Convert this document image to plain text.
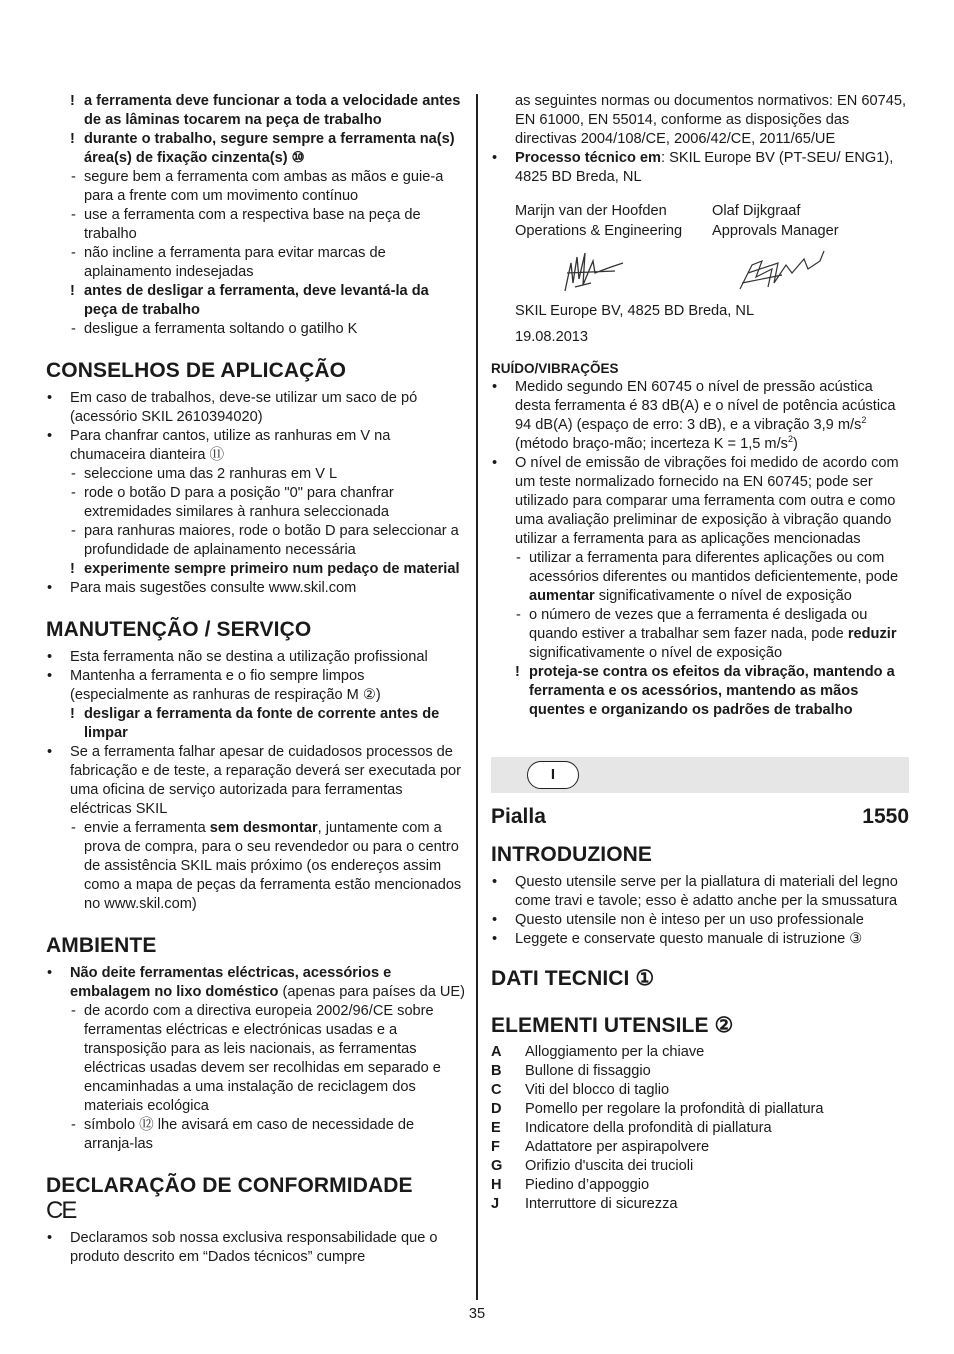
! a ferramenta deve funcionar a toda a velocidade antes de as lâminas tocarem na peça de trabalho
! durante o trabalho, segure sempre a ferramenta na(s) área(s) de fixação cinzenta(s) ⑩
- segure bem a ferramenta com ambas as mãos e guie-a para a frente com um movimento contínuo
- use a ferramenta com a respectiva base na peça de trabalho
- não incline a ferramenta para evitar marcas de aplainamento indesejadas
! antes de desligar a ferramenta, deve levantá-la da peça de trabalho
- desligue a ferramenta soltando o gatilho K
CONSELHOS DE APLICAÇÃO
• Em caso de trabalhos, deve-se utilizar um saco de pó (acessório SKIL 2610394020)
• Para chanfrar cantos, utilize as ranhuras em V na chumaceira dianteira ⑪
- seleccione uma das 2 ranhuras em V L
- rode o botão D para a posição "0" para chanfrar extremidades similares à ranhura seleccionada
- para ranhuras maiores, rode o botão D para seleccionar a profundidade de aplainamento necessária
! experimente sempre primeiro num pedaço de material
• Para mais sugestões consulte www.skil.com
MANUTENÇÃO / SERVIÇO
• Esta ferramenta não se destina a utilização profissional
• Mantenha a ferramenta e o fio sempre limpos (especialmente as ranhuras de respiração M ②)
! desligar a ferramenta da fonte de corrente antes de limpar
• Se a ferramenta falhar apesar de cuidadosos processos de fabricação e de teste, a reparação deverá ser executada por uma oficina de serviço autorizada para ferramentas eléctricas SKIL
- envie a ferramenta sem desmontar, juntamente com a prova de compra, para o seu revendedor ou para o centro de assistência SKIL mais próximo (os endereços assim como a mapa de peças da ferramenta estão mencionados no www.skil.com)
AMBIENTE
• Não deite ferramentas eléctricas, acessórios e embalagem no lixo doméstico (apenas para países da UE)
- de acordo com a directiva europeia 2002/96/CE sobre ferramentas eléctricas e electrónicas usadas e a transposição para as leis nacionais, as ferramentas eléctricas usadas devem ser recolhidas em separado e encaminhadas a uma instalação de reciclagem dos materiais ecológica
- símbolo ⑫ lhe avisará em caso de necessidade de arranja-las
DECLARAÇÃO DE CONFORMIDADE
CE
• Declaramos sob nossa exclusiva responsabilidade que o produto descrito em “Dados técnicos” cumpre
as seguintes normas ou documentos normativos: EN 60745, EN 61000, EN 55014, conforme as disposições das directivas 2004/108/CE, 2006/42/CE, 2011/65/UE
• Processo técnico em: SKIL Europe BV (PT-SEU/ ENG1), 4825 BD Breda, NL
Marijn van der Hoofden
Operations & Engineering
Olaf Dijkgraaf
Approvals Manager
SKIL Europe BV, 4825 BD Breda, NL
19.08.2013
RUÍDO/VIBRAÇÕES
• Medido segundo EN 60745 o nível de pressão acústica desta ferramenta é 83 dB(A) e o nível de potência acústica 94 dB(A) (espaço de erro: 3 dB), e a vibração 3,9 $m/s^2$ (método braço-mão; incerteza K = 1,5 $m/s^2$)
• O nível de emissão de vibrações foi medido de acordo com um teste normalizado fornecido na EN 60745; pode ser utilizado para comparar uma ferramenta com outra e como uma avaliação preliminar de exposição à vibração quando utilizar a ferramenta para as aplicações mencionadas
- utilizar a ferramenta para diferentes aplicações ou com acessórios diferentes ou mantidos deficientemente, pode aumentar significativamente o nível de exposição
- o número de vezes que a ferramenta é desligada ou quando estiver a trabalhar sem fazer nada, pode reduzir significativamente o nível de exposição
! proteja-se contra os efeitos da vibração, mantendo a ferramenta e os acessórios, mantendo as mãos quentes e organizando os padrões de trabalho
I
Pialla	1550
INTRODUZIONE
• Questo utensile serve per la piallatura di materiali del legno come travi e tavole; esso è adatto anche per la smussatura
• Questo utensile non è inteso per un uso professionale
• Leggete e conservate questo manuale di istruzione ③
DATI TECNICI ①
ELEMENTI UTENSILE ②
A	Alloggiamento per la chiave
B	Bullone di fissaggio
C	Viti del blocco di taglio
D	Pomello per regolare la profondità di piallatura
E	Indicatore della profondità di piallatura
F	Adattatore per aspirapolvere
G	Orifizio d'uscita dei trucioli
H	Piedino d’appoggio
J	Interruttore di sicurezza
35
